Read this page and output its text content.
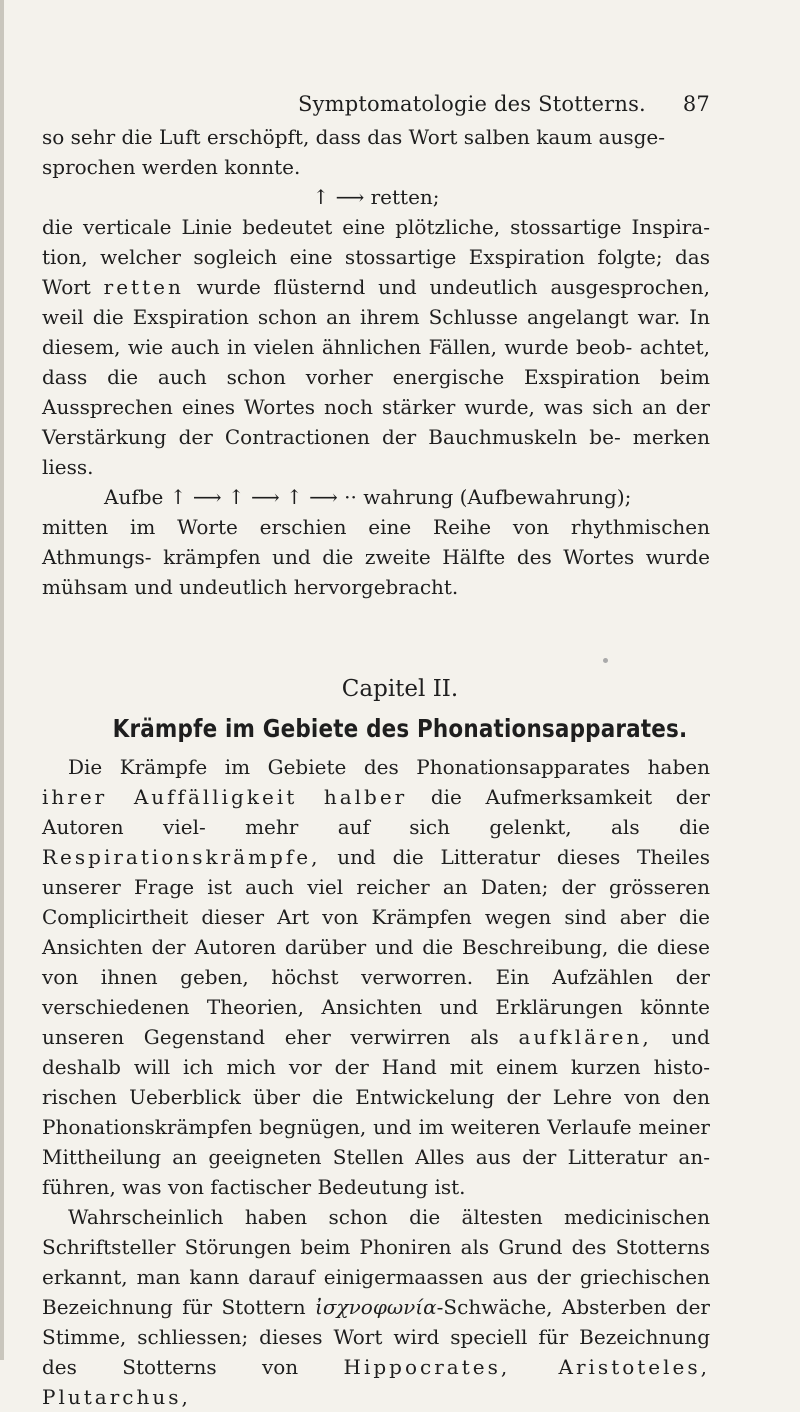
Symptomatologie des Stotterns. 87

so sehr die Luft erschöpft, dass das Wort salben kaum ausge-

sprochen werden konnte.

↑ ⟶ retten;

die verticale Linie bedeutet eine plötzliche, stossartige Inspira- tion, welcher sogleich eine stossartige Exspiration folgte; das Wort retten wurde flüsternd und undeutlich ausgesprochen, weil die Exspiration schon an ihrem Schlusse angelangt war. In diesem, wie auch in vielen ähnlichen Fällen, wurde beob- achtet, dass die auch schon vorher energische Exspiration beim Aussprechen eines Wortes noch stärker wurde, was sich an der Verstärkung der Contractionen der Bauchmuskeln be- merken liess.

Aufbe ↑ ⟶ ↑ ⟶ ↑ ⟶ ·· wahrung (Aufbewahrung);

mitten im Worte erschien eine Reihe von rhythmischen Athmungs- krämpfen und die zweite Hälfte des Wortes wurde mühsam und undeutlich hervorgebracht.

Capitel II.
Krämpfe im Gebiete des Phonationsapparates.

Die Krämpfe im Gebiete des Phonationsapparates haben ihrer Auffälligkeit halber die Aufmerksamkeit der Autoren viel- mehr auf sich gelenkt, als die Respirationskrämpfe, und die Litteratur dieses Theiles unserer Frage ist auch viel reicher an Daten; der grösseren Complicirtheit dieser Art von Krämpfen wegen sind aber die Ansichten der Autoren darüber und die Beschreibung, die diese von ihnen geben, höchst verworren. Ein Aufzählen der verschiedenen Theorien, Ansichten und Erklärungen könnte unseren Gegenstand eher verwirren als aufklären, und deshalb will ich mich vor der Hand mit einem kurzen histo- rischen Ueberblick über die Entwickelung der Lehre von den Phonationskrämpfen begnügen, und im weiteren Verlaufe meiner Mittheilung an geeigneten Stellen Alles aus der Litteratur an- führen, was von factischer Bedeutung ist.

Wahrscheinlich haben schon die ältesten medicinischen Schriftsteller Störungen beim Phoniren als Grund des Stotterns erkannt, man kann darauf einigermaassen aus der griechischen Bezeichnung für Stottern ἰσχνοφωνία-Schwäche, Absterben der Stimme, schliessen; dieses Wort wird speciell für Bezeichnung des Stotterns von Hippocrates, Aristoteles, Plutarchus,
